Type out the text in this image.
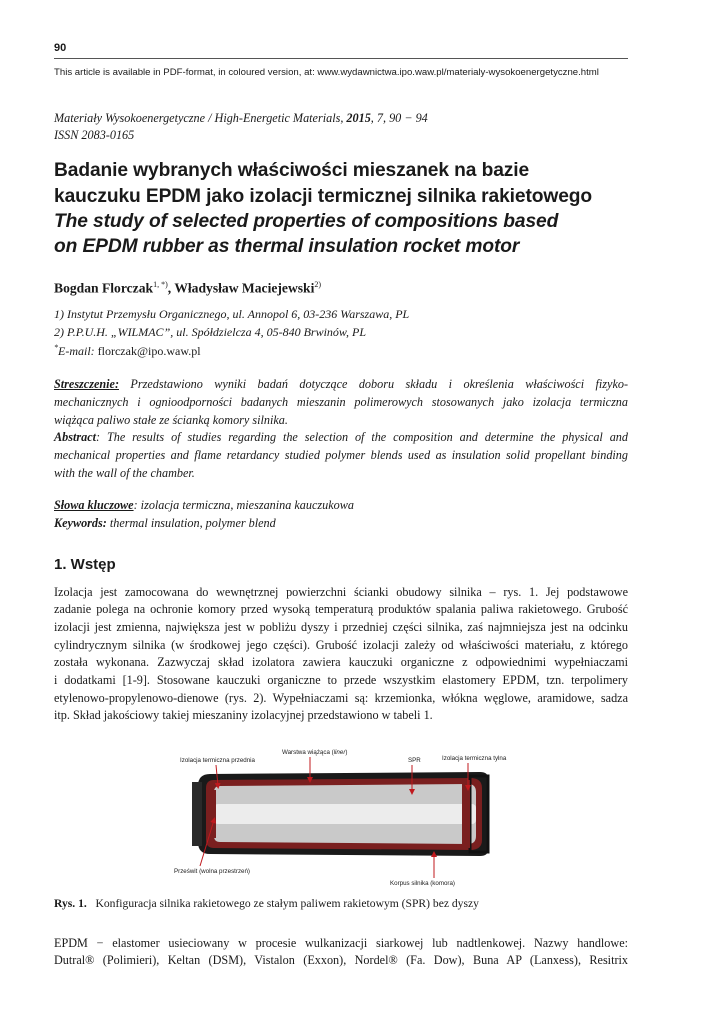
90
This article is available in PDF-format, in coloured version, at: www.wydawnictwa.ipo.waw.pl/materialy-wysokoenergetyczne.html
Materiały Wysokoenergetyczne / High-Energetic Materials, 2015, 7, 90 − 94
ISSN 2083-0165
Badanie wybranych właściwości mieszanek na bazie
kauczuku EPDM jako izolacji termicznej silnika rakietowego
The study of selected properties of compositions based
on EPDM rubber as thermal insulation rocket motor
Bogdan Florczak$^{1, *)}$, Władysław Maciejewski$^{2)}$
1) Instytut Przemysłu Organicznego, ul. Annopol 6, 03-236 Warszawa, PL
2) P.P.U.H. „WILMAC”, ul. Spółdzielcza 4, 05-840 Brwinów, PL
*E-mail: florczak@ipo.waw.pl
Streszczenie: Przedstawiono wyniki badań dotyczące doboru składu i określenia właściwości fizyko-
mechanicznych i ognioodporności badanych mieszanin polimerowych stosowanych jako izolacja termiczna
wiążąca paliwo stałe ze ścianką komory silnika.
Abstract: The results of studies regarding the selection of the composition and determine the physical and
mechanical properties and flame retardancy studied polymer blends used as insulation solid propellant binding
with the wall of the chamber.
Słowa kluczowe: izolacja termiczna, mieszanina kauczukowa
Keywords: thermal insulation, polymer blend
1. Wstęp
Izolacja jest zamocowana do wewnętrznej powierzchni ścianki obudowy silnika – rys. 1. Jej podstawowe
zadanie polega na ochronie komory przed wysoką temperaturą produktów spalania paliwa rakietowego. Grubość
izolacji jest zmienna, największa jest w pobliżu dyszy i przedniej części silnika, zaś najmniejsza jest na odcinku
cylindrycznym silnika (w środkowej jego części). Grubość izolacji zależy od właściwości materiału, z którego
została wykonana. Zazwyczaj skład izolatora zawiera kauczuki organiczne z odpowiednimi wypełniaczami
i dodatkami [1-9]. Stosowane kauczuki organiczne to przede wszystkim elastomery EPDM, tzn. terpolimery
etylenowo-propylenowo-dienowe (rys. 2). Wypełniaczami są: krzemionka, włókna węglowe, aramidowe, sadza
itp. Skład jakościowy takiej mieszaniny izolacyjnej przedstawiono w tabeli 1.
Izolacja termiczna przednia
Warstwa wiążąca (liner)
SPR	Izolacja termiczna tylna
Prześwit (wolna przestrzeń)
Korpus silnika (komora)
Rys. 1. Konfiguracja silnika rakietowego ze stałym paliwem rakietowym (SPR) bez dyszy
EPDM − elastomer usieciowany w procesie wulkanizacji siarkowej lub nadtlenkowej. Nazwy handlowe:
Dutral® (Polimieri), Keltan (DSM), Vistalon (Exxon), Nordel® (Fa. Dow), Buna AP (Lanxess), Resitrix
